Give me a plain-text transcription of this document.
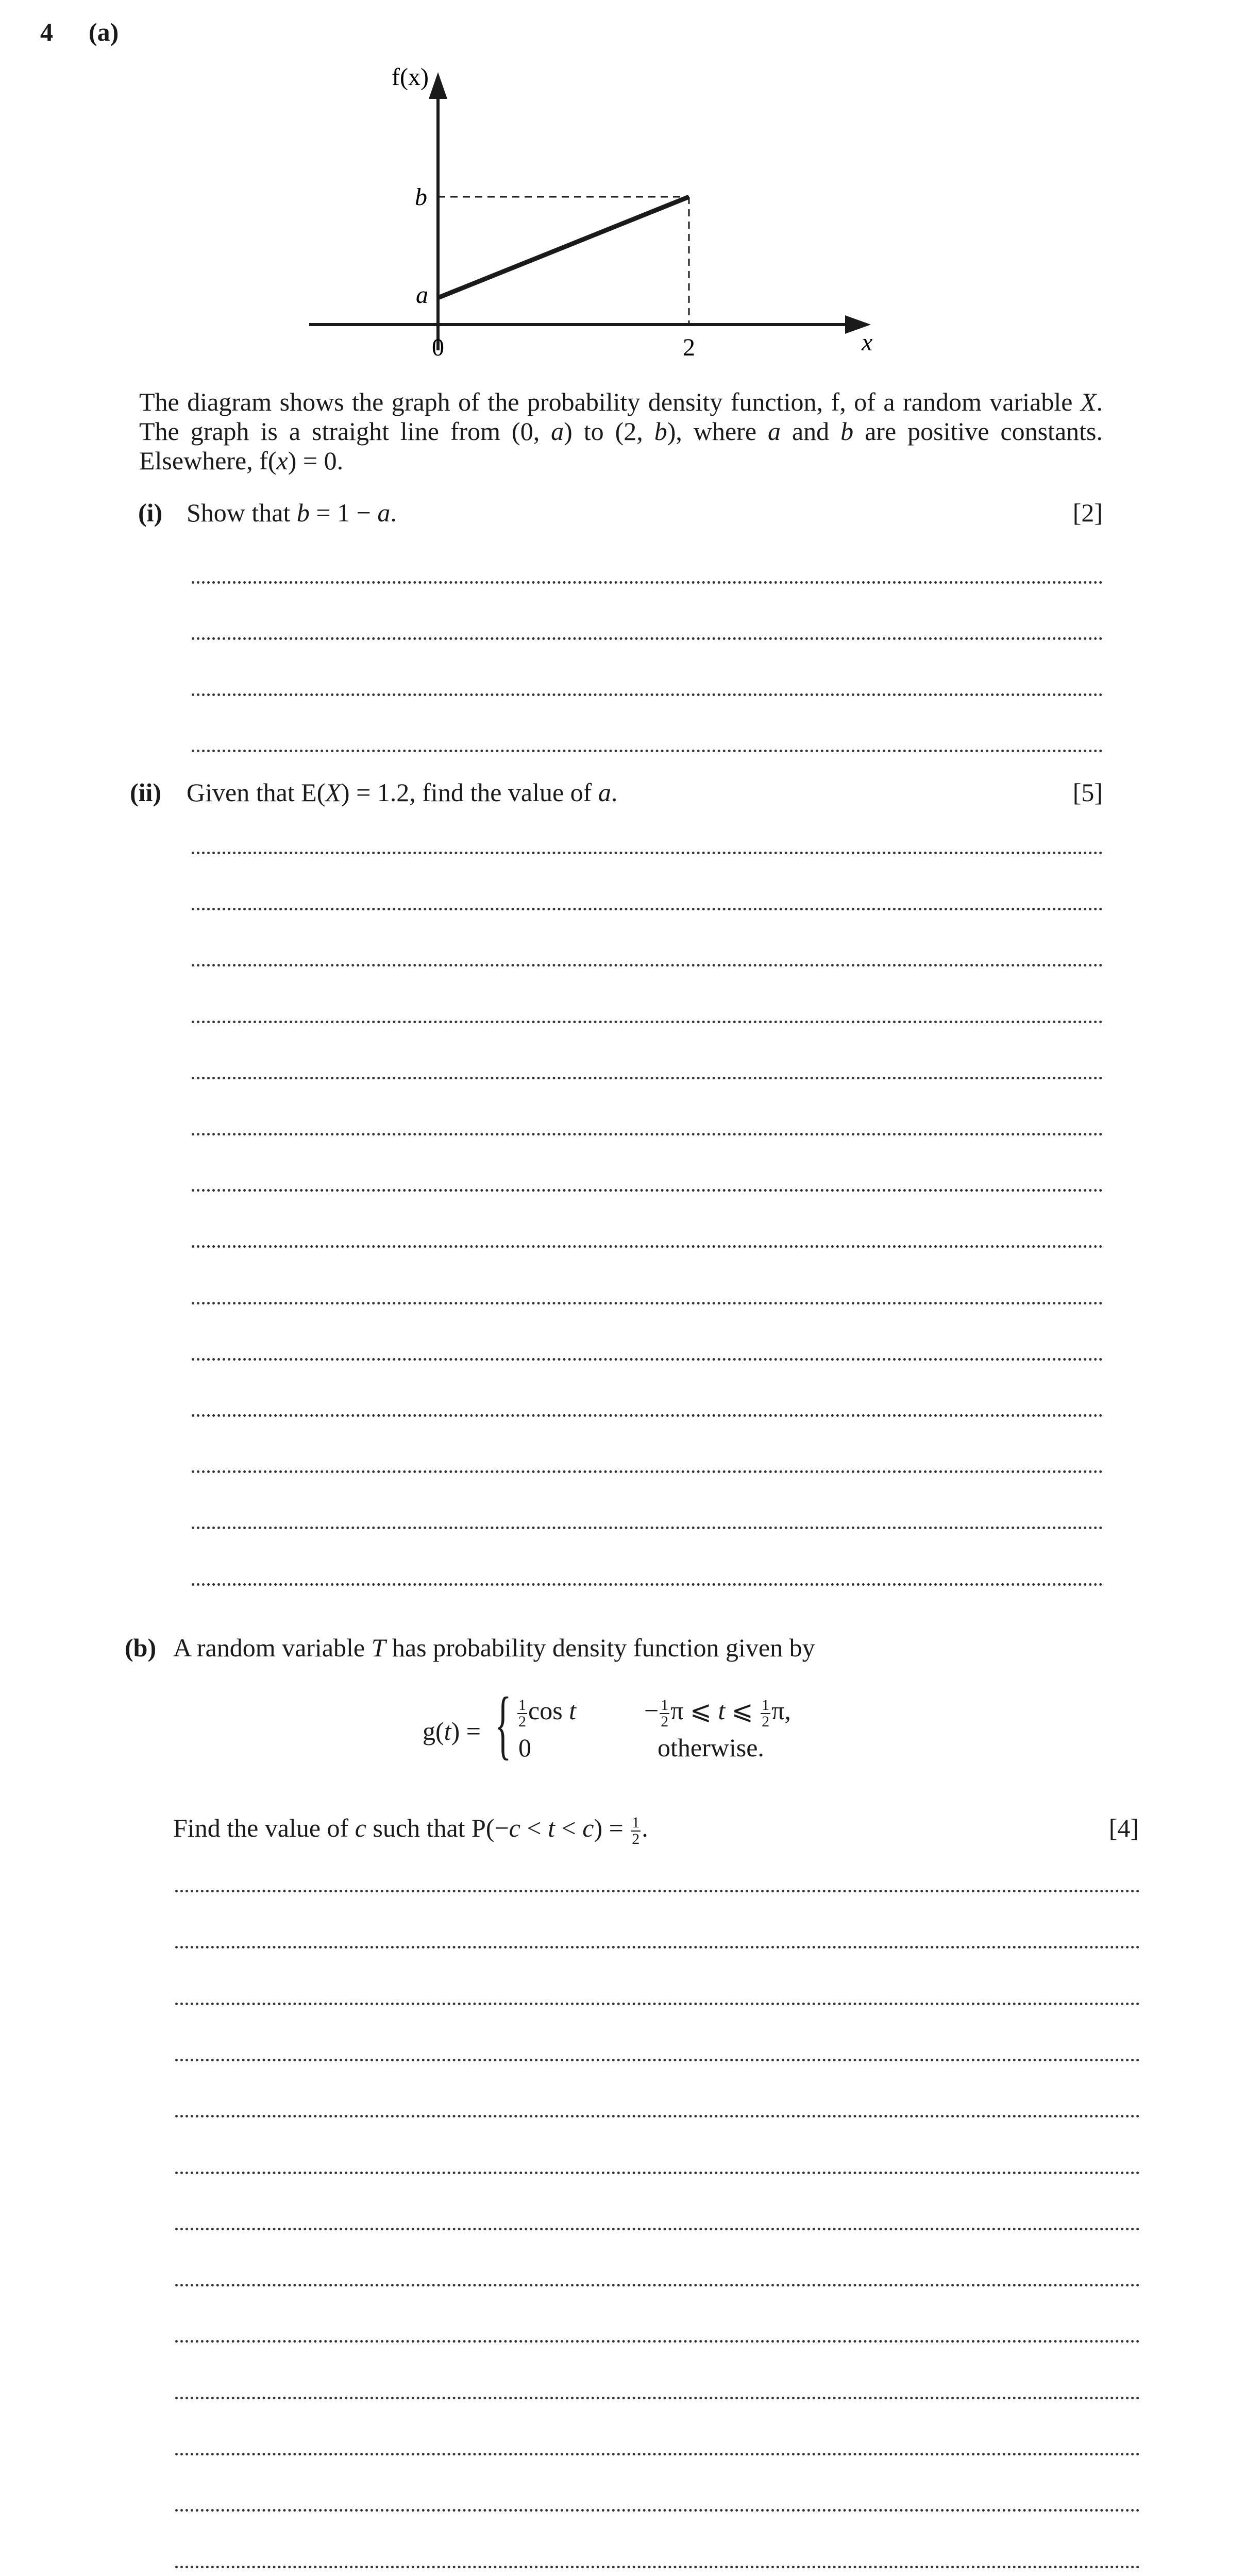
4 (a)
f(x)
x
b
a
0	2
The diagram shows the graph of the probability density function, f, of a random variable X. The graph is a straight line from (0, a) to (2, b), where a and b are positive constants. Elsewhere, f(x) = 0.
(i) Show that b = 1 − a.	[2]
(ii) Given that E(X) = 1.2, find the value of a.	[5]
(b) A random variable T has probability density function given by
g(t) = { $\frac{1}{2}$ cos t	− $\frac{1}{2}$ π ⩽ t ⩽ $\frac{1}{2} \pi$,
0	otherwise.
Find the value of c such that $P(-c < t < c) = \frac{1}{2}$ .	[4]
